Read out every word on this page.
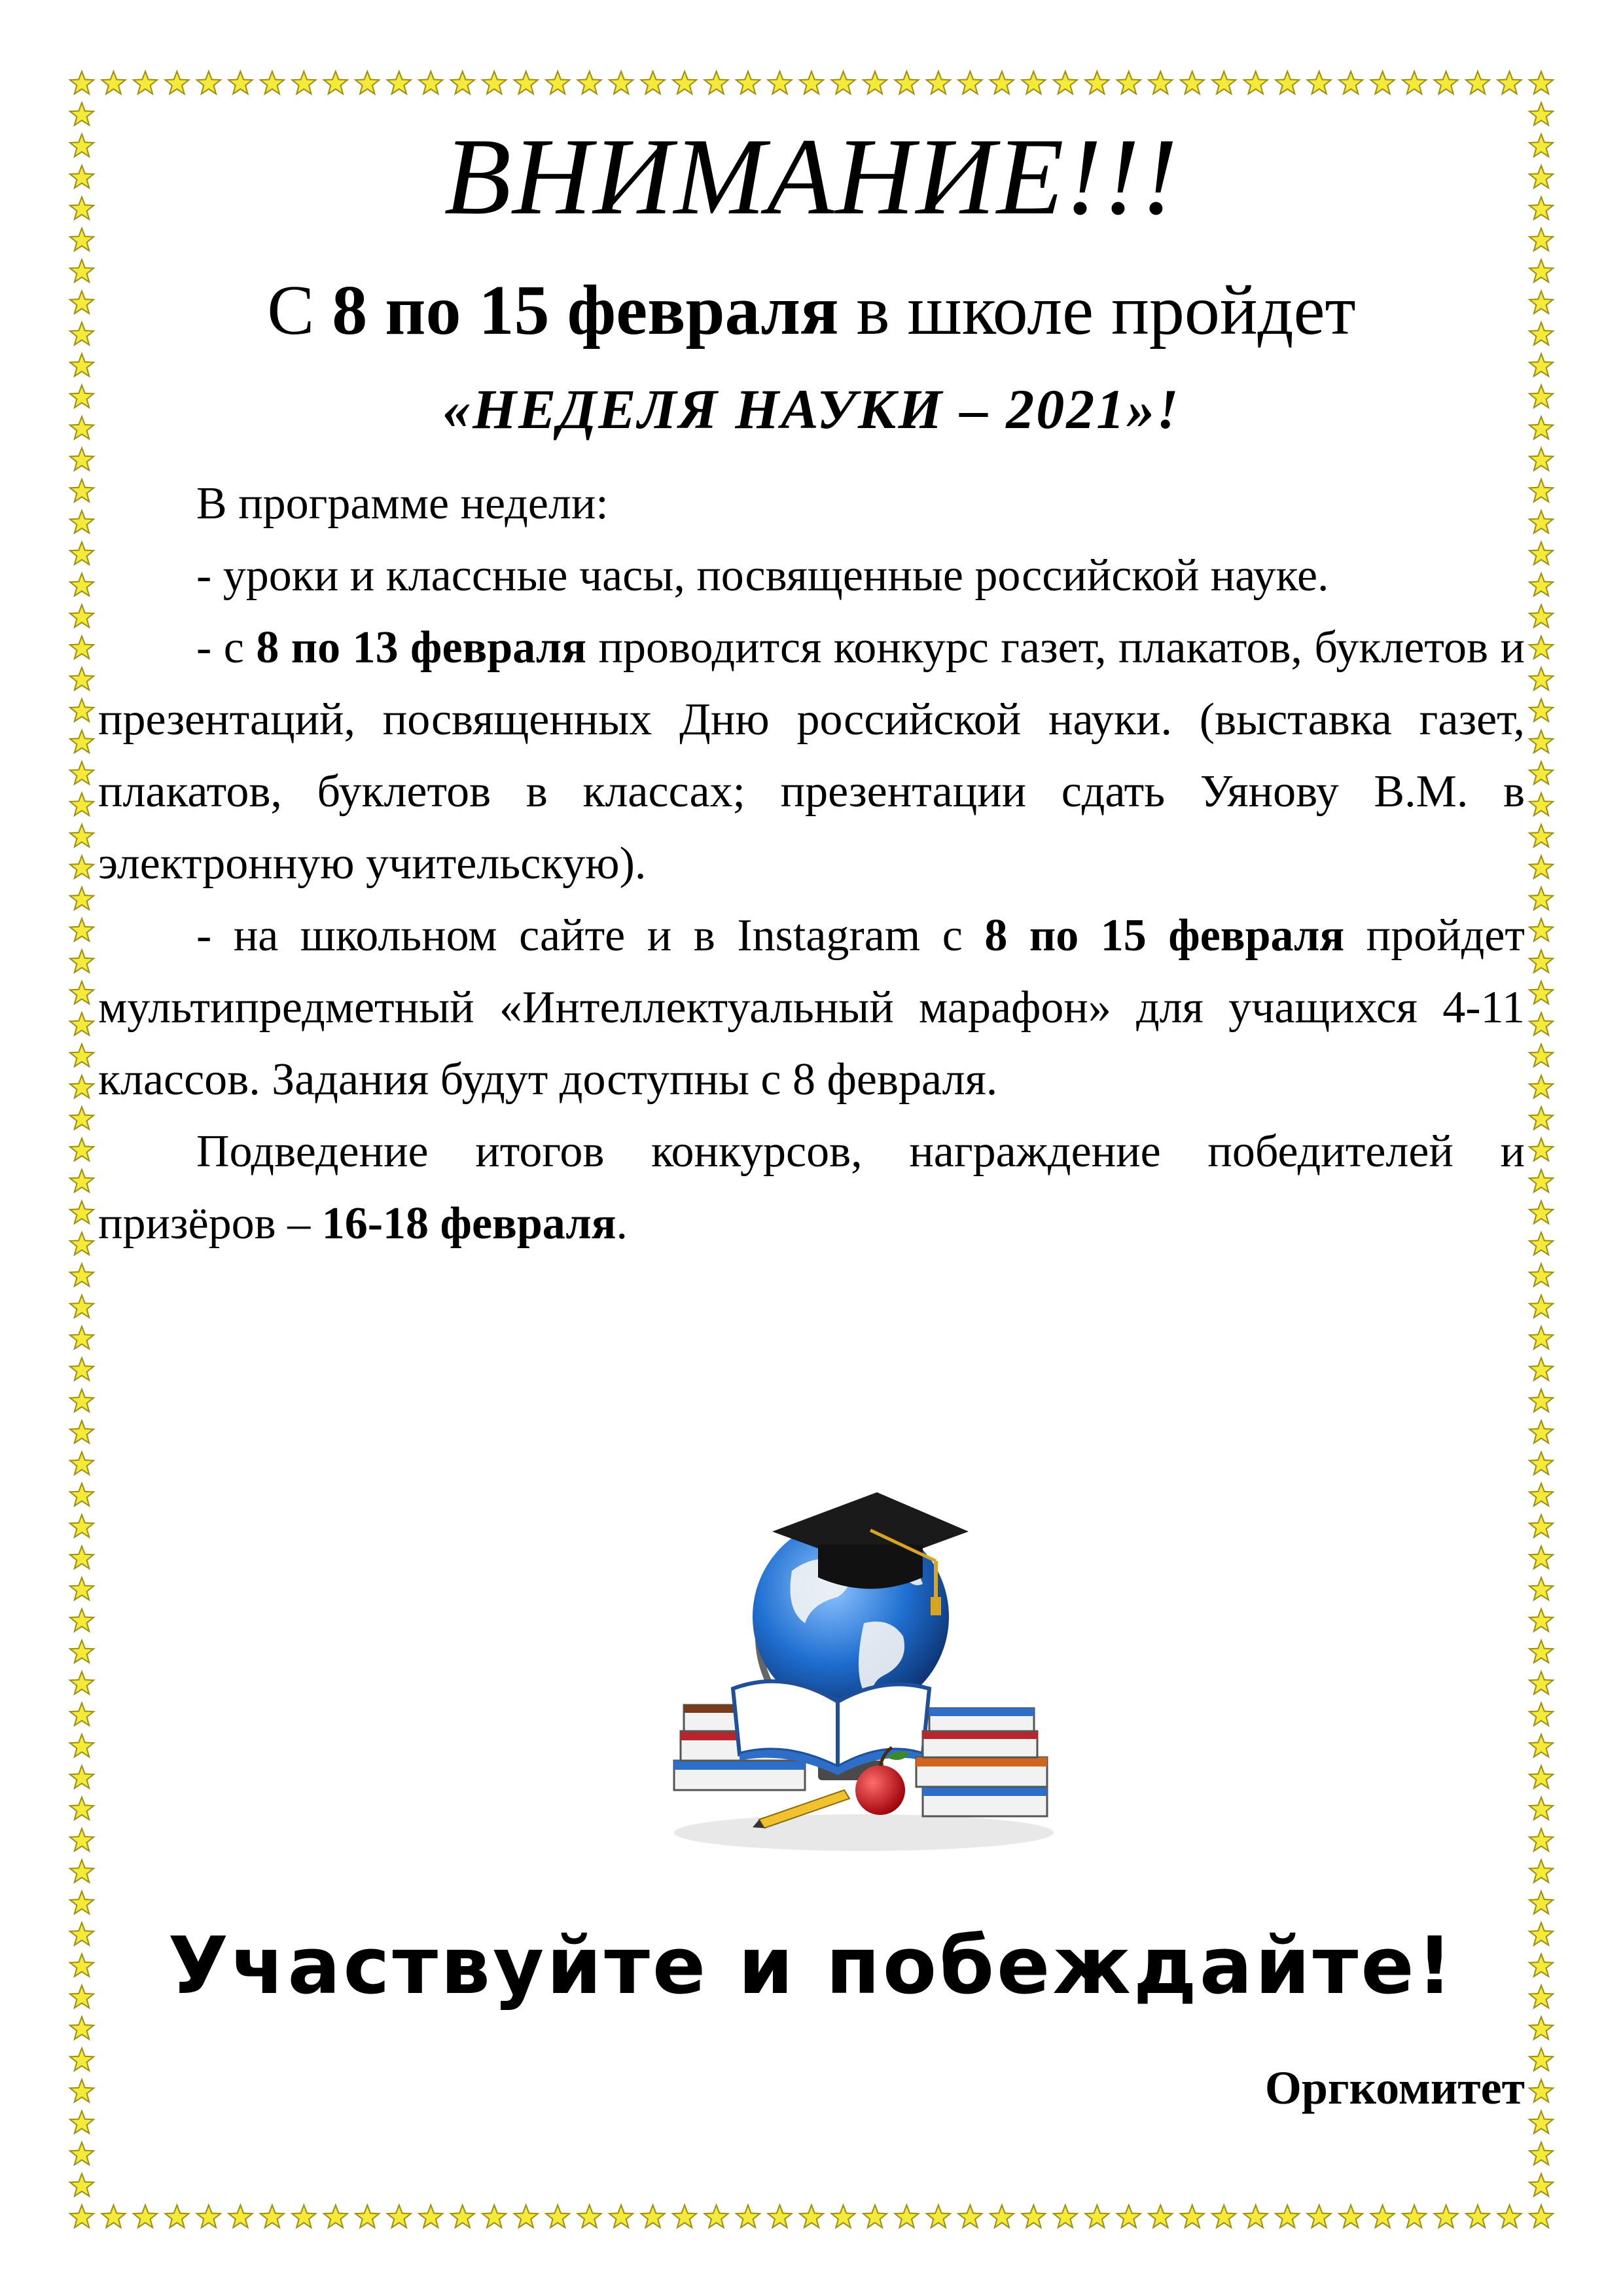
ВНИМАНИЕ!!!
С 8 по 15 февраля в школе пройдет
«НЕДЕЛЯ НАУКИ – 2021»!

В программе недели:

- уроки и классные часы, посвященные российской науке.

- с 8 по 13 февраля проводится конкурс газет, плакатов, буклетов и презентаций, посвященных Дню российской науки. (выставка газет, плакатов, буклетов в классах; презентации сдать Уянову В.М. в электронную учительскую).

- на школьном сайте и в Instagram с 8 по 15 февраля пройдет мультипредметный «Интеллектуальный марафон» для учащихся 4-11 классов. Задания будут доступны с 8 февраля.

Подведение итогов конкурсов, награждение победителей и призёров – 16-18 февраля.

Участвуйте и побеждайте!
Оргкомитет
